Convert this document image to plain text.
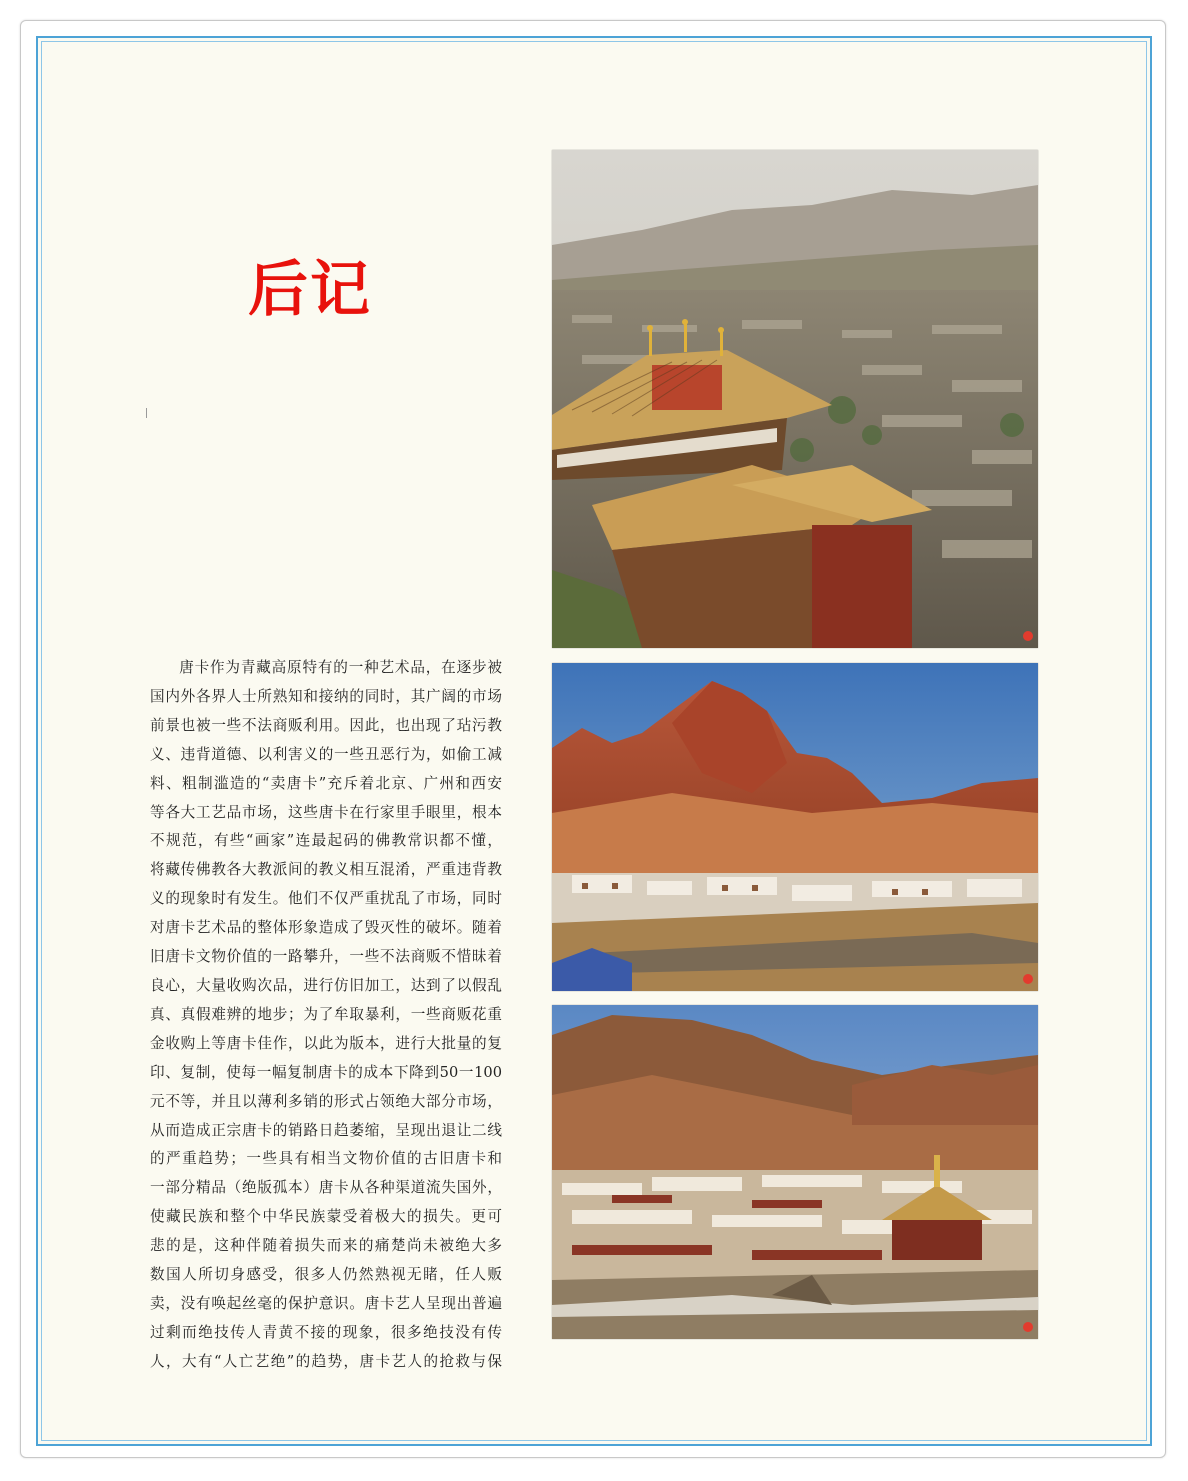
后记
唐卡作为青藏高原特有的一种艺术品，在逐步被
国内外各界人士所熟知和接纳的同时，其广阔的市场
前景也被一些不法商贩利用。因此，也出现了玷污教
义、违背道德、以利害义的一些丑恶行为，如偷工减
料、粗制滥造的“卖唐卡”充斥着北京、广州和西安
等各大工艺品市场，这些唐卡在行家里手眼里，根本
不规范，有些“画家”连最起码的佛教常识都不懂，
将藏传佛教各大教派间的教义相互混淆，严重违背教
义的现象时有发生。他们不仅严重扰乱了市场，同时
对唐卡艺术品的整体形象造成了毁灭性的破坏。随着
旧唐卡文物价值的一路攀升，一些不法商贩不惜昧着
良心，大量收购次品，进行仿旧加工，达到了以假乱
真、真假难辨的地步；为了牟取暴利，一些商贩花重
金收购上等唐卡佳作，以此为版本，进行大批量的复
印、复制，使每一幅复制唐卡的成本下降到50一100
元不等，并且以薄利多销的形式占领绝大部分市场，
从而造成正宗唐卡的销路日趋萎缩，呈现出退让二线
的严重趋势；一些具有相当文物价值的古旧唐卡和
一部分精品（绝版孤本）唐卡从各种渠道流失国外，
使藏民族和整个中华民族蒙受着极大的损失。更可
悲的是，这种伴随着损失而来的痛楚尚未被绝大多
数国人所切身感受，很多人仍然熟视无睹，任人贩
卖，没有唤起丝毫的保护意识。唐卡艺人呈现出普遍
过剩而绝技传人青黄不接的现象，很多绝技没有传
人，大有“人亡艺绝”的趋势，唐卡艺人的抢救与保
